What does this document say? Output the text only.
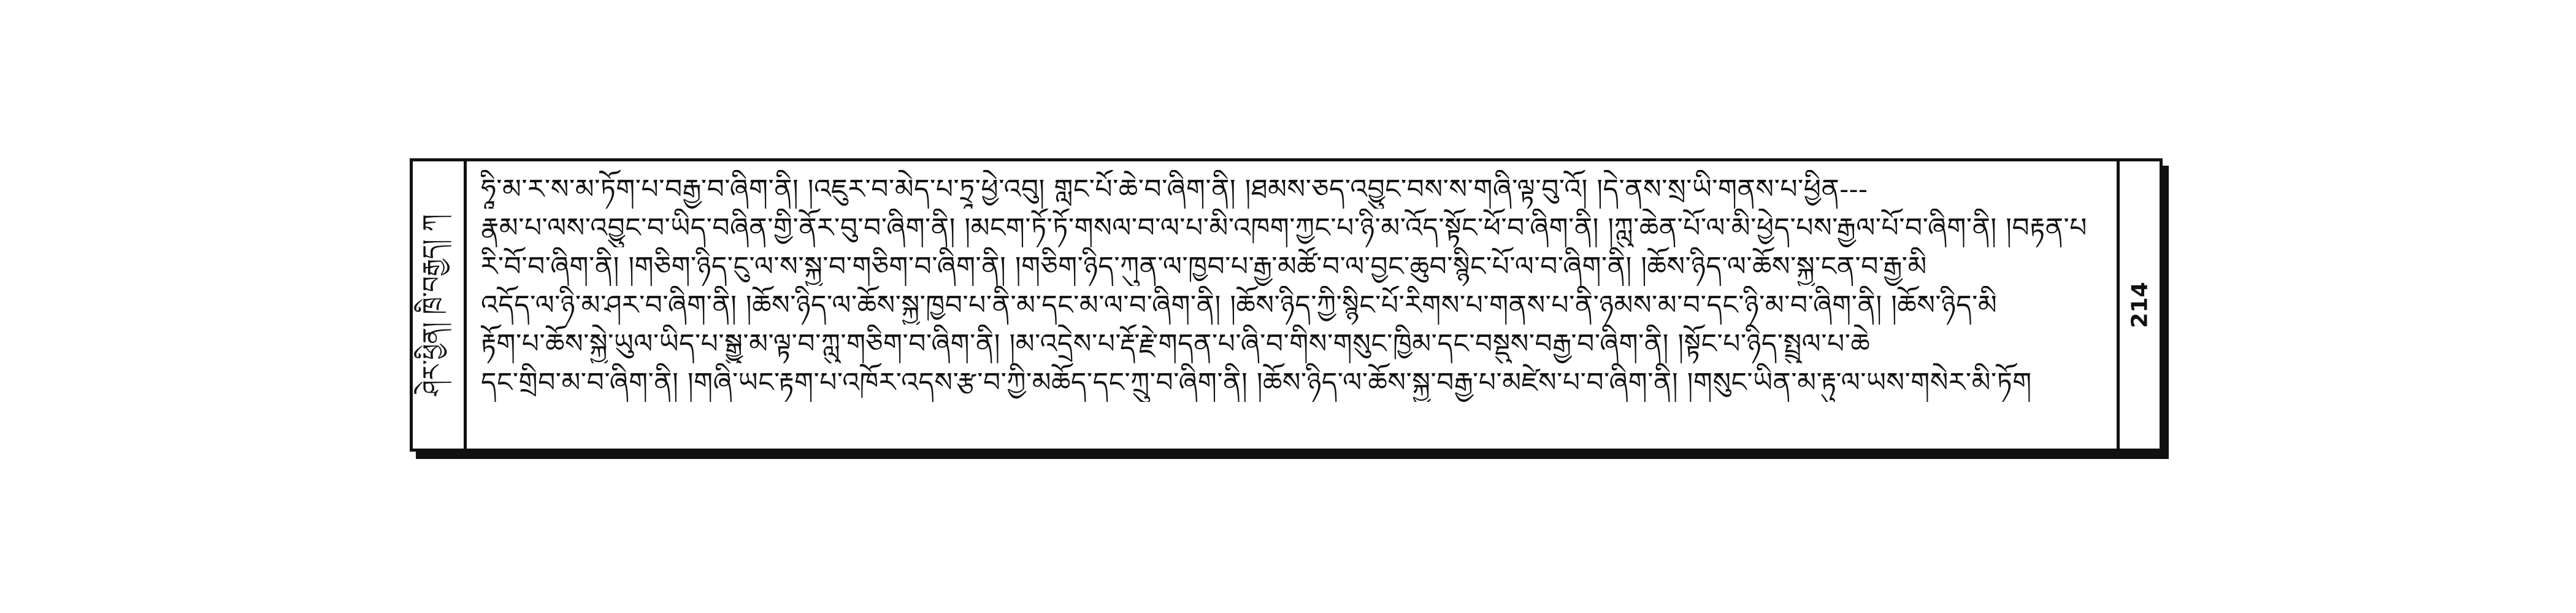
ཤེར་ཕྱིན། ཁྲི་བརྒྱད། ཀ
ཧཱི་མ་ར་ས་མ་ཏོག་པ་བརྒྱ་བ་ཞིག་ནི། །འཇུར་བ་མེད་པ་ཏྲཱ་ཕྱེ་འབུ། གླང་པོ་ཆེ་བ་ཞིག་ནི། །ཐམས་ཅད་འབྱུང་བས་ས་གཞི་ལྟ་བུ་འོ། །དེ་ནས་སྲ་ཡི་གནས་པ་ཕྱིན---
རྣམ་པ་ལས་འབྱུང་བ་ཡིད་བཞིན་གྱི་ནོར་བུ་བ་ཞིག་ནི། །མངག་ཏོ་ཏོ་གསལ་བ་ལ་པ་མི་འཁག་ཀྱང་པ་ཉི་མ་འོད་སྟོང་ཕོ་བ་ཞིག་ནི། །ཀླུ་ཆེན་པོ་ལ་མི་ཕྱེད་པས་རྒྱལ་པོ་བ་ཞིག་ནི། །བརྟན་པ
རི་བོ་བ་ཞིག་ནི། །གཅིག་ཉིད་ངུ་ལ་ས་སྐྱ་བ་གཅིག་བ་ཞིག་ནི། །གཅིག་ཉིད་ཀུན་ལ་ཁྱབ་པ་རྒྱ་མཚོ་བ་ལ་བྱང་ཆུབ་སྙིང་པོ་ལ་བ་ཞིག་ནི། །ཆོས་ཉིད་ལ་ཆོས་སྐྱ་ངན་བ་རྒྱ་མི
འདོད་ལ་ཉི་མ་ཤར་བ་ཞིག་ནི། །ཆོས་ཉིད་ལ་ཆོས་སྐྱ་ཁྱབ་པ་ནི་མ་དང་མ་ལ་བ་ཞིག་ནི། །ཆོས་ཉིད་ཀྱི་སྙིང་པོ་རིགས་པ་གནས་པ་ནི་ཉམས་མ་བ་དང་ཉི་མ་བ་ཞིག་ནི། །ཆོས་ཉིད་མི
རྟོག་པ་ཆོས་སྐྱེ་ཡུལ་ཡིད་པ་སྒྱུ་མ་ལྟ་བ་ཀླུ་གཅིག་བ་ཞིག་ནི། །མ་འདྲེས་པ་རྡོ་རྗེ་གདན་པ་ཞི་བ་གིས་གསུང་ཁྱིམ་དང་བསྡུས་བརྒྱ་བ་ཞིག་ནི། །སྟོང་པ་ཉིད་སྤྲུལ་པ་ཆེ
དང་གྲིབ་མ་བ་ཞིག་ནི། །གཞི་ཡང་རྟག་པ་འཁོར་འདས་རྩ་བ་ཀྱི་མཆོད་དང་ཀྲུ་བ་ཞིག་ནི། །ཆོས་ཉིད་ལ་ཆོས་སྐྱ་བརྒྱ་པ་མཛེས་པ་བ་ཞིག་ནི། །གསུང་ཡིན་མ་རྟུ་ལ་ཡས་གསེར་མི་ཏོག
214
